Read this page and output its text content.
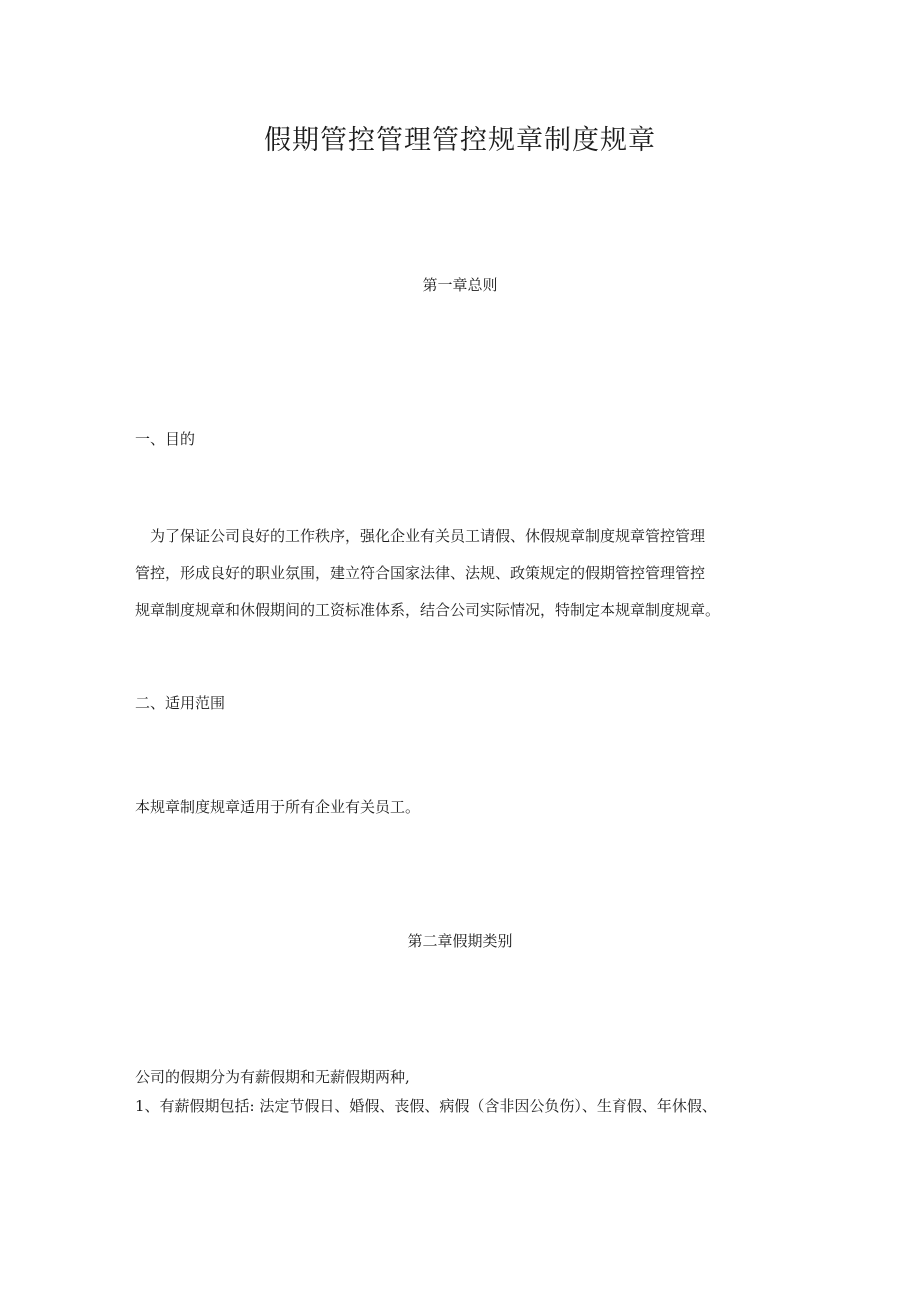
假期管控管理管控规章制度规章
第一章总则
一、目的
为了保证公司良好的工作秩序，强化企业有关员工请假、休假规章制度规章管控管理
管控，形成良好的职业氛围，建立符合国家法律、法规、政策规定的假期管控管理管控
规章制度规章和休假期间的工资标准体系，结合公司实际情况，特制定本规章制度规章。
二、适用范围
本规章制度规章适用于所有企业有关员工。
第二章假期类别
公司的假期分为有薪假期和无薪假期两种,
1、有薪假期包括: 法定节假日、婚假、丧假、病假（含非因公负伤）、生育假、年休假、
